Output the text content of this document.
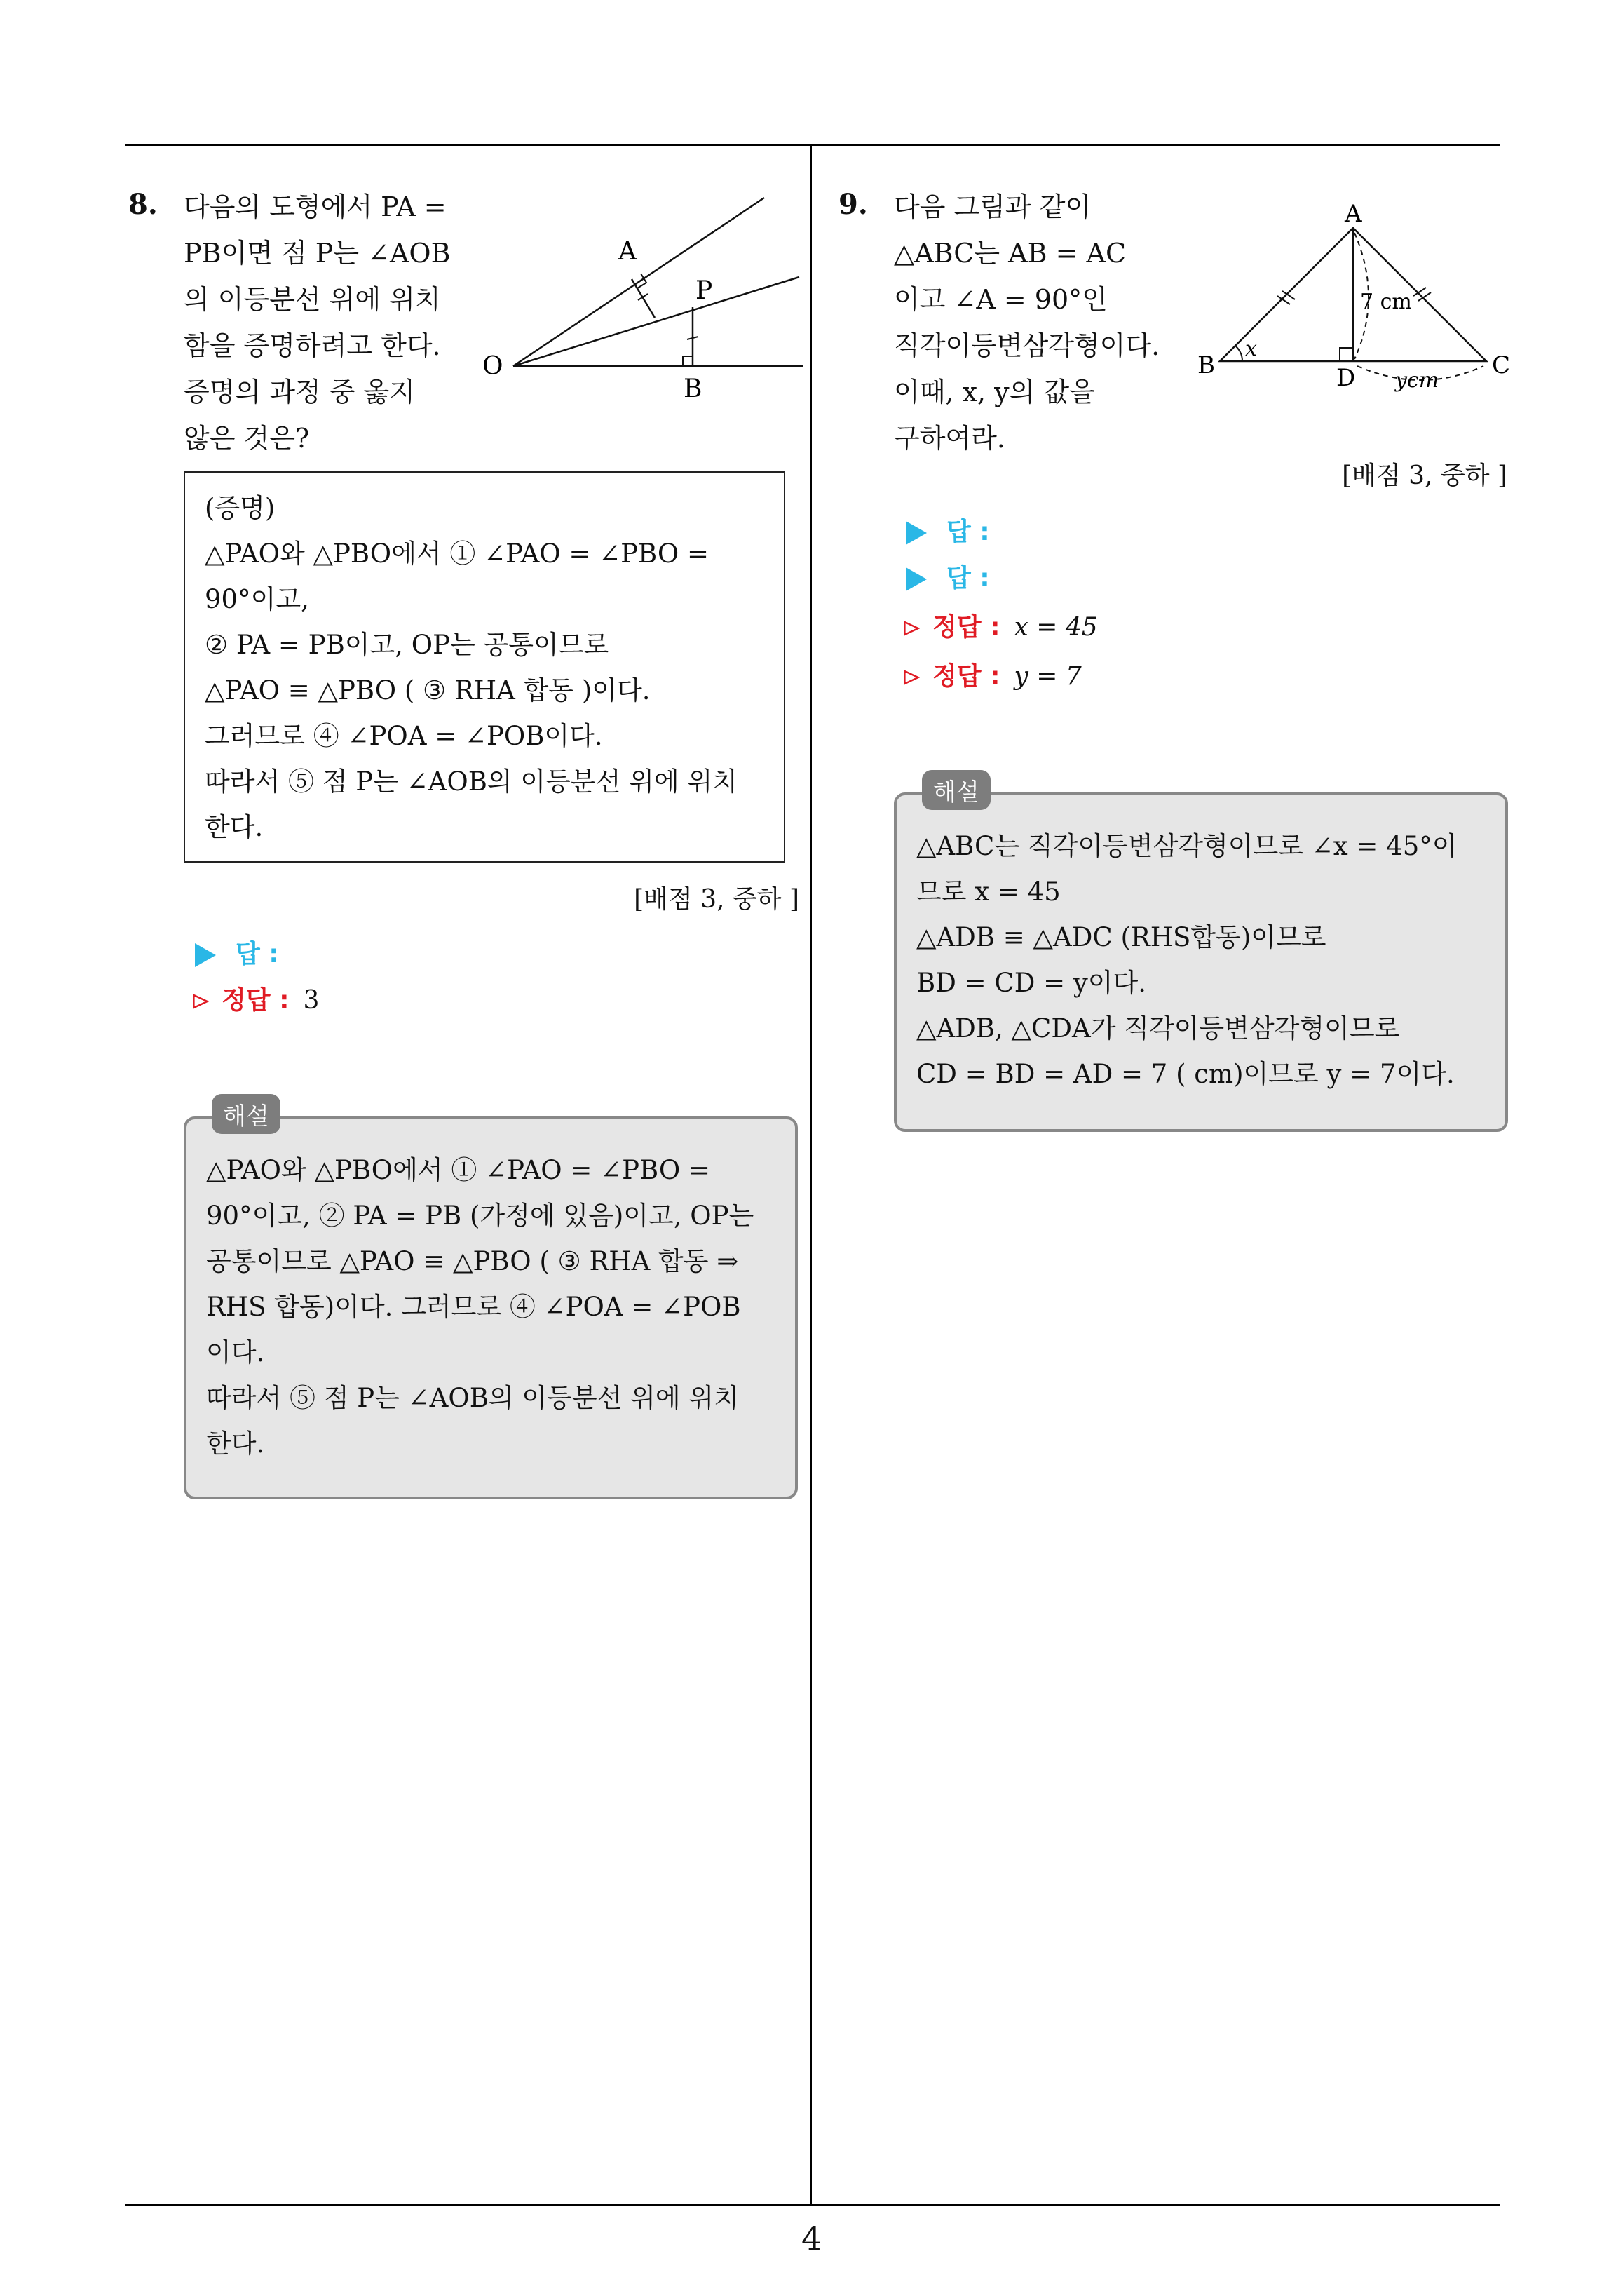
8. 다음의 도형에서 PA =

PB이면 점 P는 ∠AOB

의 이등분선 위에 위치

함을 증명하려고 한다.

증명의 과정 중 옳지

않은 것은?

A
P
O
B

(증명)

△PAO와 △PBO에서 ① ∠PAO = ∠PBO =

90°이고,

② PA = PB이고, OP는 공통이므로

△PAO ≡ △PBO ( ③ RHA 합동 )이다.

그러므로 ④ ∠POA = ∠POB이다.

따라서 ⑤ 점 P는 ∠AOB의 이등분선 위에 위치

한다.

[배점 3, 중하 ]
답 :
정답 : 3

△PAO와 △PBO에서 ① ∠PAO = ∠PBO =

90°이고, ② PA = PB (가정에 있음)이고, OP는

공통이므로 △PAO ≡ △PBO ( ③ RHA 합동 ⇒

RHS 합동)이다. 그러므로 ④ ∠POA = ∠POB

이다.

따라서 ⑤ 점 P는 ∠AOB의 이등분선 위에 위치

한다.

해설
9. 다음 그림과 같이

△ABC는 AB = AC

이고 ∠A = 90°인

직각이등변삼각형이다.

이때, x, y의 값을

구하여라.

A
B	C
D
x
7 cm
ycm
[배점 3, 중하 ]
답 :
답 :
정답 : x = 45
정답 : y = 7

△ABC는 직각이등변삼각형이므로 ∠x = 45°이

므로 x = 45

△ADB ≡ △ADC (RHS합동)이므로

BD = CD = y이다.

△ADB, △CDA가 직각이등변삼각형이므로

CD = BD = AD = 7 ( cm)이므로 y = 7이다.

해설
4
